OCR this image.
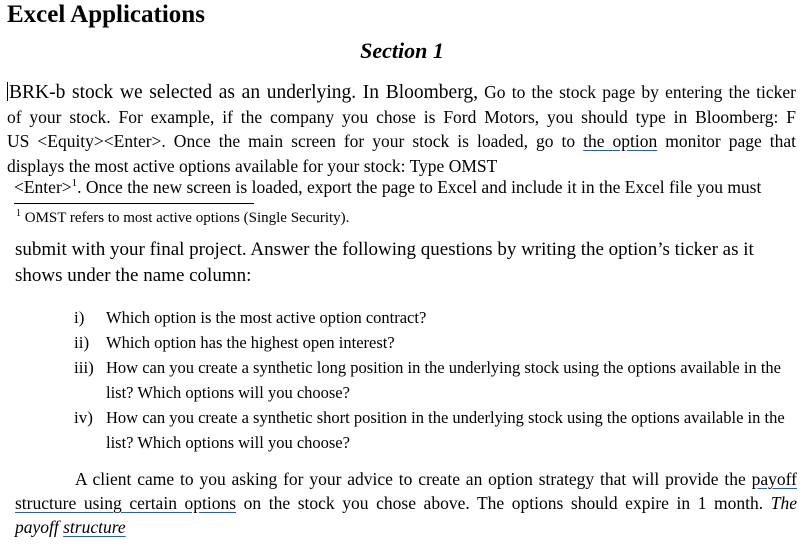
Excel Applications
Section 1
BRK-b stock we selected as an underlying. In Bloomberg, Go to the stock page by entering the ticker
of your stock. For example, if the company you chose is Ford Motors, you should type in Bloomberg: F
US <Equity><Enter>. Once the main screen for your stock is loaded, go to the option monitor page that
displays the most active options available for your stock: Type OMST
<Enter>$^1$. Once the new screen is loaded, export the page to Excel and include it in the Excel file you must
$^1$ OMST refers to most active options (Single Security).
submit with your final project. Answer the following questions by writing the option’s ticker as it
shows under the name column:
i)	Which option is the most active option contract?
ii)	Which option has the highest open interest?
iii) How can you create a synthetic long position in the underlying stock using the options available in the list? Which options will you choose?
iv) How can you create a synthetic short position in the underlying stock using the options available in the list? Which options will you choose?
A client came to you asking for your advice to create an option strategy that will provide the payoff
structure using certain options on the stock you chose above. The options should expire in 1 month. The
payoff structure
